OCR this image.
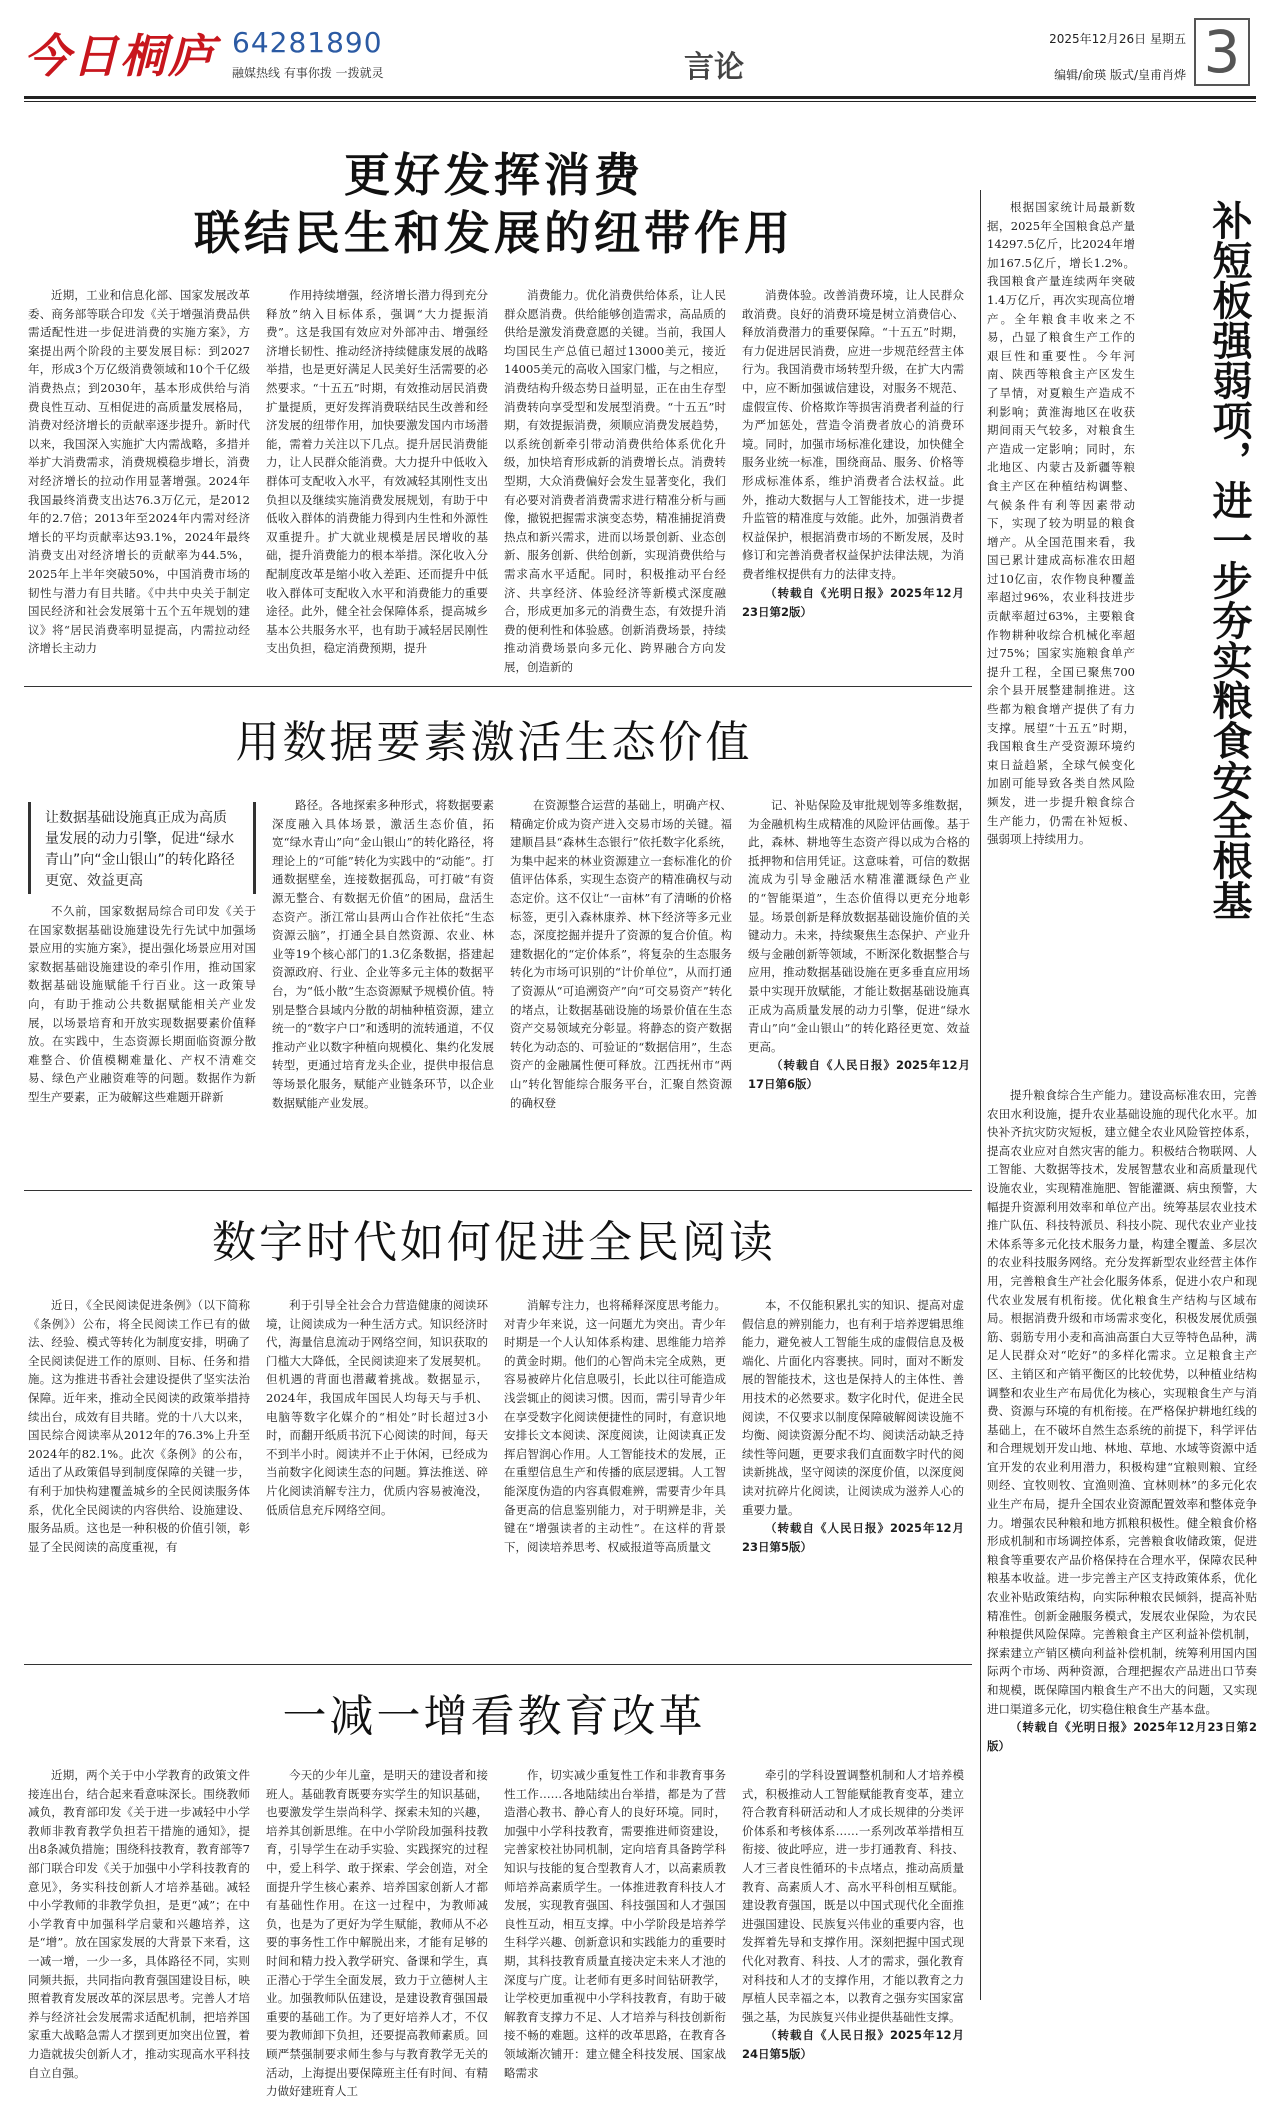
今日桐庐 64281890
融媒热线 有事你拨 一拨就灵	言论
2025年12月26日 星期五
编辑/俞瑛 版式/皇甫肖烨 3
更好发挥消费
联结民生和发展的纽带作用

近期，工业和信息化部、国家发展改革委、商务部等联合印发《关于增强消费品供需适配性进一步促进消费的实施方案》，方案提出两个阶段的主要发展目标：到2027年，形成3个万亿级消费领域和10个千亿级消费热点；到2030年，基本形成供给与消费良性互动、互相促进的高质量发展格局，消费对经济增长的贡献率逐步提升。新时代以来，我国深入实施扩大内需战略，多措并举扩大消费需求，消费规模稳步增长，消费对经济增长的拉动作用显著增强。2024年我国最终消费支出达76.3万亿元，是2012年的2.7倍；2013年至2024年内需对经济增长的平均贡献率达93.1%，2024年最终消费支出对经济增长的贡献率为44.5%，2025年上半年突破50%，中国消费市场的韧性与潜力有目共睹。《中共中央关于制定国民经济和社会发展第十五个五年规划的建议》将“居民消费率明显提高，内需拉动经济增长主动力

作用持续增强，经济增长潜力得到充分释放”纳入目标体系，强调“大力提振消费”。这是我国有效应对外部冲击、增强经济增长韧性、推动经济持续健康发展的战略举措，也是更好满足人民美好生活需要的必然要求。“十五五”时期，有效推动居民消费扩量提质，更好发挥消费联结民生改善和经济发展的纽带作用，加快要激发国内市场潜能，需着力关注以下几点。提升居民消费能力，让人民群众能消费。大力提升中低收入群体可支配收入水平，有效减轻其刚性支出负担以及继续实施消费发展规划，有助于中低收入群体的消费能力得到内生性和外源性双重提升。扩大就业规模是居民增收的基础，提升消费能力的根本举措。深化收入分配制度改革是缩小收入差距、还而提升中低收入群体可支配收入水平和消费能力的重要途径。此外，健全社会保障体系，提高城乡基本公共服务水平，也有助于减轻居民刚性支出负担，稳定消费预期，提升

消费能力。优化消费供给体系，让人民群众愿消费。供给能够创造需求，高品质的供给是激发消费意愿的关键。当前，我国人均国民生产总值已超过13000美元，接近14005美元的高收入国家门槛，与之相应，消费结构升级态势日益明显，正在由生存型消费转向享受型和发展型消费。“十五五”时期，有效提振消费，须顺应消费发展趋势，以系统创新牵引带动消费供给体系优化升级，加快培育形成新的消费增长点。消费转型期，大众消费偏好会发生显著变化，我们有必要对消费者消费需求进行精准分析与画像，撤锐把握需求演变态势，精准捕捉消费热点和新兴需求，进而以场景创新、业态创新、服务创新、供给创新，实现消费供给与需求高水平适配。同时，积极推动平台经济、共享经济、体验经济等新模式深度融合，形成更加多元的消费生态，有效提升消费的便利性和体验感。创新消费场景，持续推动消费场景向多元化、跨界融合方向发展，创造新的

消费体验。改善消费环境，让人民群众敢消费。良好的消费环境是树立消费信心、释放消费潜力的重要保障。“十五五”时期，有力促进居民消费，应进一步规范经营主体行为。我国消费市场转型升级，在扩大内需中，应不断加强诚信建设，对服务不规范、虚假宣传、价格欺诈等损害消费者利益的行为严加惩处，营造令消费者放心的消费环境。同时，加强市场标准化建设，加快健全服务业统一标准，围绕商品、服务、价格等形成标准体系，维护消费者合法权益。此外，推动大数据与人工智能技术，进一步提升监管的精准度与效能。此外，加强消费者权益保护，根据消费市场的不断发展，及时修订和完善消费者权益保护法律法规，为消费者维权提供有力的法律支持。

（转载自《光明日报》2025年12月23日第2版）
用数据要素激活生态价值
让数据基础设施真正成为高质量发展的动力引擎，促进“绿水青山”向“金山银山”的转化路径更宽、效益更高

不久前，国家数据局综合司印发《关于在国家数据基础设施建设先行先试中加强场景应用的实施方案》，提出强化场景应用对国家数据基础设施建设的牵引作用，推动国家数据基础设施赋能千行百业。这一政策导向，有助于推动公共数据赋能相关产业发展，以场景培育和开放实现数据要素价值释放。在实践中，生态资源长期面临资源分散难整合、价值模糊难量化、产权不清难交易、绿色产业融资难等的问题。数据作为新型生产要素，正为破解这些难题开辟新

路径。各地探索多种形式，将数据要素深度融入具体场景，激活生态价值，拓宽“绿水青山”向“金山银山”的转化路径，将理论上的“可能”转化为实践中的“动能”。打通数据壁垒，连接数据孤岛，可打破“有资源无整合、有数据无价值”的困局，盘活生态资产。浙江常山县两山合作社依托“生态资源云脑”，打通全县自然资源、农业、林业等19个核心部门的1.3亿条数据，搭建起资源政府、行业、企业等多元主体的数据平台，为“低小散”生态资源赋予规模价值。特别是整合县域内分散的胡柚种植资源，建立统一的“数字户口”和透明的流转通道，不仅推动产业以数字种植向规模化、集约化发展转型，更通过培育龙头企业，提供申报信息等场景化服务，赋能产业链条环节，以企业数据赋能产业发展。

在资源整合运营的基础上，明确产权、精确定价成为资产进入交易市场的关键。福建顺昌县“森林生态银行”依托数字化系统，为集中起来的林业资源建立一套标准化的价值评估体系，实现生态资产的精准确权与动态定价。这不仅让“一亩林”有了清晰的价格标签，更引入森林康养、林下经济等多元业态，深度挖掘并提升了资源的复合价值。构建数据化的“定价体系”，将复杂的生态服务转化为市场可识别的“计价单位”，从而打通了资源从“可追溯资产”向“可交易资产”转化的堵点，让数据基础设施的场景价值在生态资产交易领域充分彰显。将静态的资产数据转化为动态的、可验证的“数据信用”，生态资产的金融属性便可释放。江西抚州市“两山”转化智能综合服务平台，汇聚自然资源的确权登

记、补贴保险及审批规划等多维数据，为金融机构生成精准的风险评估画像。基于此，森林、耕地等生态资产得以成为合格的抵押物和信用凭证。这意味着，可信的数据流成为引导金融活水精准灌溉绿色产业的“智能渠道”，生态价值得以更充分地彰显。场景创新是释放数据基础设施价值的关键动力。未来，持续聚焦生态保护、产业升级与金融创新等领域，不断深化数据整合与应用，推动数据基础设施在更多垂直应用场景中实现开放赋能，才能让数据基础设施真正成为高质量发展的动力引擎，促进“绿水青山”向“金山银山”的转化路径更宽、效益更高。

（转载自《人民日报》2025年12月17日第6版）
数字时代如何促进全民阅读

近日，《全民阅读促进条例》（以下简称《条例》）公布，将全民阅读工作已有的做法、经验、模式等转化为制度安排，明确了全民阅读促进工作的原则、目标、任务和措施。这为推进书香社会建设提供了坚实法治保障。近年来，推动全民阅读的政策举措持续出台，成效有目共睹。党的十八大以来，国民综合阅读率从2012年的76.3%上升至2024年的82.1%。此次《条例》的公布，适出了从政策倡导到制度保障的关键一步，有利于加快构建覆盖城乡的全民阅读服务体系，优化全民阅读的内容供给、设施建设、服务品质。这也是一种积极的价值引领，彰显了全民阅读的高度重视，有

利于引导全社会合力营造健康的阅读环境，让阅读成为一种生活方式。知识经济时代，海量信息流动于网络空间，知识获取的门槛大大降低，全民阅读迎来了发展契机。但机遇的背面也潜藏着挑战。数据显示，2024年，我国成年国民人均每天与手机、电脑等数字化媒介的“相处”时长超过3小时，而翻开纸质书沉下心阅读的时间，每天不到半小时。阅读并不止于休闲，已经成为当前数字化阅读生态的问题。算法推送、碎片化阅读消解专注力，优质内容易被淹没，低质信息充斥网络空间。

消解专注力，也将稀释深度思考能力。对青少年来说，这一问题尤为突出。青少年时期是一个人认知体系构建、思维能力培养的黄金时期。他们的心智尚未完全成熟，更容易被碎片化信息吸引，长此以往可能造成浅尝辄止的阅读习惯。因而，需引导青少年在享受数字化阅读便捷性的同时，有意识地安排长文本阅读、深度阅读，让阅读真正发挥启智润心作用。人工智能技术的发展，正在重塑信息生产和传播的底层逻辑。人工智能深度伪造的内容真假难辨，需要青少年具备更高的信息鉴别能力，对于明辨是非，关键在“增强读者的主动性”。在这样的背景下，阅读培养思考、权威报道等高质量文

本，不仅能积累扎实的知识、提高对虚假信息的辨别能力，也有利于培养逻辑思维能力，避免被人工智能生成的虚假信息及极端化、片面化内容裹挟。同时，面对不断发展的智能技术，这也是保持人的主体性、善用技术的必然要求。数字化时代，促进全民阅读，不仅要求以制度保障破解阅读设施不均衡、阅读资源分配不均、阅读活动缺乏持续性等问题，更要求我们直面数字时代的阅读新挑战，坚守阅读的深度价值，以深度阅读对抗碎片化阅读，让阅读成为滋养人心的重要力量。

（转载自《人民日报》2025年12月23日第5版）
一减一增看教育改革

近期，两个关于中小学教育的政策文件接连出台，结合起来看意味深长。围绕教师减负，教育部印发《关于进一步减轻中小学教师非教育教学负担若干措施的通知》，提出8条减负措施；围绕科技教育，教育部等7部门联合印发《关于加强中小学科技教育的意见》，务实科技创新人才培养基础。减轻中小学教师的非教学负担，是更“减”；在中小学教育中加强科学启蒙和兴趣培养，这是“增”。放在国家发展的大背景下来看，这一减一增，一少一多，具体路径不同，实则同频共振，共同指向教育强国建设目标，映照着教育发展改革的深层思考。完善人才培养与经济社会发展需求适配机制，把培养国家重大战略急需人才摆到更加突出位置，着力造就拔尖创新人才，推动实现高水平科技自立自强。

今天的少年儿童，是明天的建设者和接班人。基础教育既要夯实学生的知识基础，也要激发学生崇尚科学、探索未知的兴趣，培养其创新思维。在中小学阶段加强科技教育，引导学生在动手实验、实践探究的过程中，爱上科学、敢于探索、学会创造，对全面提升学生核心素养、培养国家创新人才都有基础性作用。在这一过程中，为教师减负，也是为了更好为学生赋能，教师从不必要的事务性工作中解脱出来，才能有足够的时间和精力投入教学研究、备课和学生，真正潜心于学生全面发展，致力于立德树人主业。加强教师队伍建设，是建设教育强国最重要的基础工作。为了更好培养人才，不仅要为教师卸下负担，还要提高教师素质。回顾严禁强制要求师生参与与教育教学无关的活动，上海提出要保障班主任有时间、有精力做好建班育人工

作，切实减少重复性工作和非教育事务性工作……各地陆续出台举措，都是为了营造潜心教书、静心育人的良好环境。同时，加强中小学科技教育，需要推进师资建设，完善家校社协同机制，定向培育具备跨学科知识与技能的复合型教育人才，以高素质教师培养高素质学生。一体推进教育科技人才发展，实现教育强国、科技强国和人才强国良性互动，相互支撑。中小学阶段是培养学生科学兴趣、创新意识和实践能力的重要时期，其科技教育质量直接决定未来人才池的深度与广度。让老师有更多时间钻研教学，让学校更加重视中小学科技教育，有助于破解教育支撑力不足、人才培养与科技创新衔接不畅的难题。这样的改革思路，在教育各领域渐次铺开：建立健全科技发展、国家战略需求

牵引的学科设置调整机制和人才培养模式，积极推动人工智能赋能教育变革，建立符合教育科研活动和人才成长规律的分类评价体系和考核体系……一系列改革举措相互衔接、彼此呼应，进一步打通教育、科技、人才三者良性循环的卡点堵点，推动高质量教育、高素质人才、高水平科创相互赋能。建设教育强国，既是以中国式现代化全面推进强国建设、民族复兴伟业的重要内容，也发挥着先导和支撑作用。深刻把握中国式现代化对教育、科技、人才的需求，强化教育对科技和人才的支撑作用，才能以教育之力厚植人民幸福之本，以教育之强夯实国家富强之基，为民族复兴伟业提供基础性支撑。

（转载自《人民日报》2025年12月24日第5版）

根据国家统计局最新数据，2025年全国粮食总产量14297.5亿斤，比2024年增加167.5亿斤，增长1.2%。我国粮食产量连续两年突破1.4万亿斤，再次实现高位增产。全年粮食丰收来之不易，凸显了粮食生产工作的艰巨性和重要性。今年河南、陕西等粮食主产区发生了旱情，对夏粮生产造成不利影响；黄淮海地区在收获期间雨天气较多，对粮食生产造成一定影响；同时，东北地区、内蒙古及新疆等粮食主产区在种植结构调整、气候条件有利等因素带动下，实现了较为明显的粮食增产。从全国范围来看，我国已累计建成高标准农田超过10亿亩，农作物良种覆盖率超过96%，农业科技进步贡献率超过63%，主要粮食作物耕种收综合机械化率超过75%；国家实施粮食单产提升工程，全国已聚焦700余个县开展整建制推进。这些都为粮食增产提供了有力支撑。展望“十五五”时期，我国粮食生产受资源环境约束日益趋紧，全球气候变化加剧可能导致各类自然风险频发，进一步提升粮食综合生产能力，仍需在补短板、强弱项上持续用力。	补短板强弱项，进一步夯实粮食安全根基

提升粮食综合生产能力。建设高标准农田，完善农田水利设施，提升农业基础设施的现代化水平。加快补齐抗灾防灾短板，建立健全农业风险管控体系，提高农业应对自然灾害的能力。积极结合物联网、人工智能、大数据等技术，发展智慧农业和高质量现代设施农业，实现精准施肥、智能灌溉、病虫预警，大幅提升资源利用效率和单位产出。统筹基层农业技术推广队伍、科技特派员、科技小院、现代农业产业技术体系等多元化技术服务力量，构建全覆盖、多层次的农业科技服务网络。充分发挥新型农业经营主体作用，完善粮食生产社会化服务体系，促进小农户和现代农业发展有机衔接。优化粮食生产结构与区域布局。根据消费升级和市场需求变化，积极发展优质强筋、弱筋专用小麦和高油高蛋白大豆等特色品种，满足人民群众对“吃好”的多样化需求。立足粮食主产区、主销区和产销平衡区的比较优势，以种植业结构调整和农业生产布局优化为核心，实现粮食生产与消费、资源与环境的有机衔接。在严格保护耕地红线的基础上，在不破坏自然生态系统的前提下，科学评估和合理规划开发山地、林地、草地、水域等资源中适宜开发的农业利用潜力，积极构建“宜粮则粮、宜经则经、宜牧则牧、宜渔则渔、宜林则林”的多元化农业生产布局，提升全国农业资源配置效率和整体竞争力。增强农民种粮和地方抓粮积极性。健全粮食价格形成机制和市场调控体系，完善粮食收储政策，促进粮食等重要农产品价格保持在合理水平，保障农民种粮基本收益。进一步完善主产区支持政策体系，优化农业补贴政策结构，向实际种粮农民倾斜，提高补贴精准性。创新金融服务模式，发展农业保险，为农民种粮提供风险保障。完善粮食主产区利益补偿机制，探索建立产销区横向利益补偿机制，统筹利用国内国际两个市场、两种资源，合理把握农产品进出口节奏和规模，既保障国内粮食生产不出大的问题，又实现进口渠道多元化，切实稳住粮食生产基本盘。

（转载自《光明日报》2025年12月23日第2版）
